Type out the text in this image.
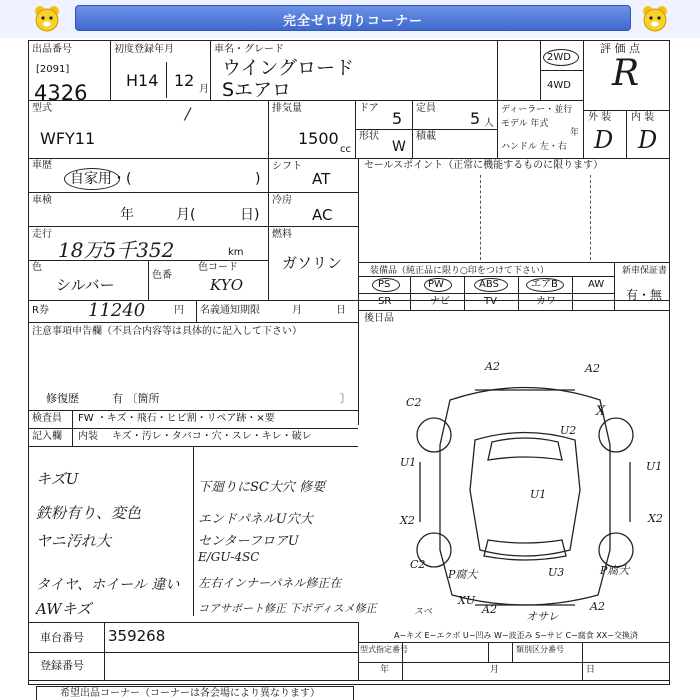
完全ゼロ切りコーナー
出品番号
[2091]
4326
初度登録年月
H14 12 月
車名・グレード
ウイングロード
Sエアロ
2WD
4WD
評 価 点
R
型式
WFY11
/	排気量
1500
cc
ドア
5
定員
5 人
形状
W
積載
ディーラー・並行
モデル 年式
年
ハンドル 左・右
外 装 内 装
D D
車歴
自家用・(	)
車検
年	月(	日)
走行
18万5千352	km
色
シルバー
色番
色コード
KYO
シフト
AT
冷房
AC
燃料
ガソリン
R券 11240	円 名義通知期限	月	日
注意事項申告欄（不具合内容等は具体的に記入して下さい）
修復歴	有 〔箇所	〕
セールスポイント（正常に機能するものに限ります）
装備品（純正品に限り○印をつけて下さい）	新車保証書
PS	PW	ABS	エアB	AW
SR	ナビ	TV	カワ	有・無
後日品
検査員 FW ・キズ・飛石・ヒビ割・リペア跡・×要
記入欄 内装 キズ・汚レ・タバコ・穴・スレ・キレ・破レ
キズU
鉄粉有り、変色
ヤニ汚れ大
タイヤ、ホイール 違い
AWキズ
下廻りにSC大穴 修要
エンドパネルU穴大
センターフロアU
E/GU-4SC
左右インナーパネル修正在
コアサポート修正 下ボディスメ修正
A2	A2
C2
X
U2
U1
U1
U1
X2	X2
C2
P腐大	U3	P腐大
XU
A2
オサレ
A2
スペ
A−キズ E−エクボ U−凹み W−波歪み S−サビ C−腐食 XX−交換済
車台番号 359268
登録番号
型式指定番号	類別区分番号
年	月	日
希望出品コーナー（コーナーは各会場により異なります）
